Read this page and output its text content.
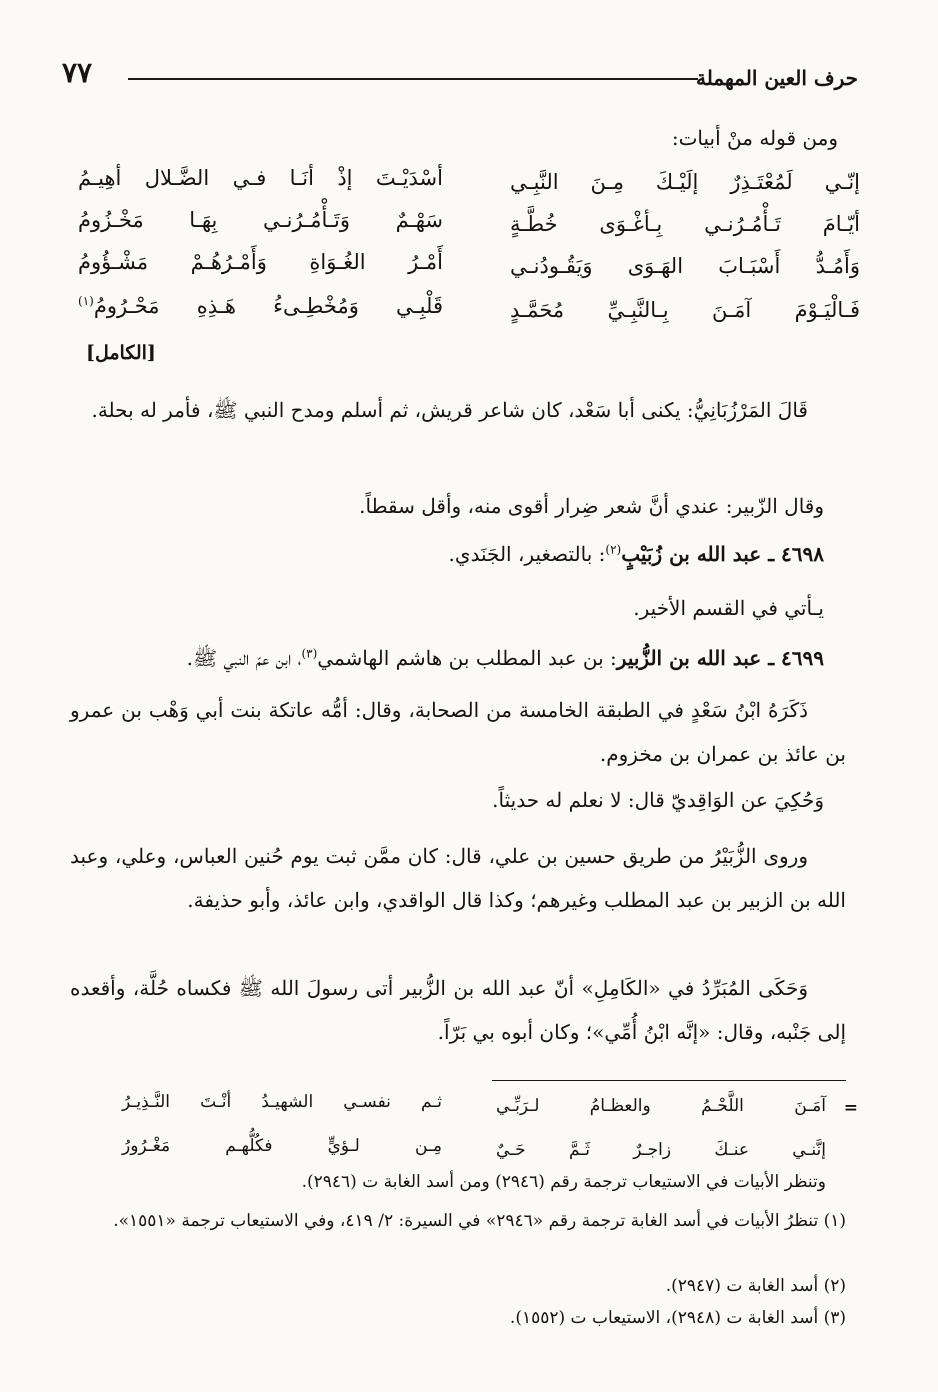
٧٧	حرف العين المهملة
ومن قوله منْ أبيات:
إنّـي لَمُعْتَـذِرٌ إلَيْـكَ مِـنَ النَّبِـي
أسْدَيْـتَ إذْ أنَـا فـي الضَّـلال أهِيـمُ
أيّـامَ تَـأْمُـرُنـي بِـأغْـوَى خُطَّـةٍ
سَهْـمٌ وَتَـأْمُـرُنـي بِهَـا مَخْـزُومُ
وَأَمُـدُّ أَسْبَـابَ الهَـوَى وَيَقُـودُنـي
أَمْـرُ الغُـوَاةِ وَأَمْـرُهُـمْ مَشْـؤُومُ
فَـالْيَـوْمَ آمَـنَ بِـالنَّبِـيِّ مُحَمَّـدٍ
قَلْبِـي وَمُخْطِـىءُ هَـذِهِ مَحْـرُومُ
(١)
[الكامل]
قَالَ المَرْزُبَانِيُّ: يكنى أبا سَعْد، كان شاعر قريش، ثم أسلم ومدح النبي ﷺ، فأمر له بحلة.
وقال الزّبير: عندي أنَّ شعر ضِرار أقوى منه، وأقل سقطاً.
٤٦٩٨ ـ عبد الله بن زُبَيْبٍ$^{(٢)}$: بالتصغير، الجَنَدي.
يـأتي في القسم الأخير.
٤٦٩٩ ـ عبد الله بن الزُّبير: بن عبد المطلب بن هاشم الهاشمي$^{(٣)}$، ابن عمّ النبي ﷺ.
ذَكَرَهُ ابْنُ سَعْدٍ في الطبقة الخامسة من الصحابة، وقال: أمُّه عاتكة بنت أبي وَهْب بن عمرو بن عائذ بن عمران بن مخزوم.
وَحُكِيَ عن الوَاقِديّ قال: لا نعلم له حديثاً.
وروى الزُّبَيْرُ من طريق حسين بن علي، قال: كان ممَّن ثبت يوم حُنين العباس، وعلي، وعبد الله بن الزبير بن عبد المطلب وغيرهم؛ وكذا قال الواقدي، وابن عائذ، وأبو حذيفة.
وَحَكَى المُبَرِّدُ في «الكَامِلِ» أنّ عبد الله بن الزُّبير أتى رسولَ الله ﷺ فكساه حُلَّة، وأقعده إلى جَنْبه، وقال: «إنَّه ابْنُ أُمِّي»؛ وكان أبوه بي بَرّاً.
=
آمَـنَ اللَّحْـمُ والعظـامُ لـرَبِّـي
ثـم نفسـي الشهيـدُ أنْـتَ النَّـذِيـرُ
إنَّنـي عنـكَ زاجـرٌ ثَـمَّ حَـيٌ
مِـن لـؤيٍّ فكُلُّهـم مَغْـرُورُ
وتنظر الأبيات في الاستيعاب ترجمة رقم (٢٩٤٦) ومن أسد الغابة ت (٢٩٤٦).
(١) تنظرُ الأبيات في أسد الغابة ترجمة رقم «٢٩٤٦» في السيرة: ٢/ ٤١٩، وفي الاستيعاب ترجمة «١٥٥١».
(٢) أسد الغابة ت (٢٩٤٧).
(٣) أسد الغابة ت (٢٩٤٨)، الاستيعاب ت (١٥٥٢).
